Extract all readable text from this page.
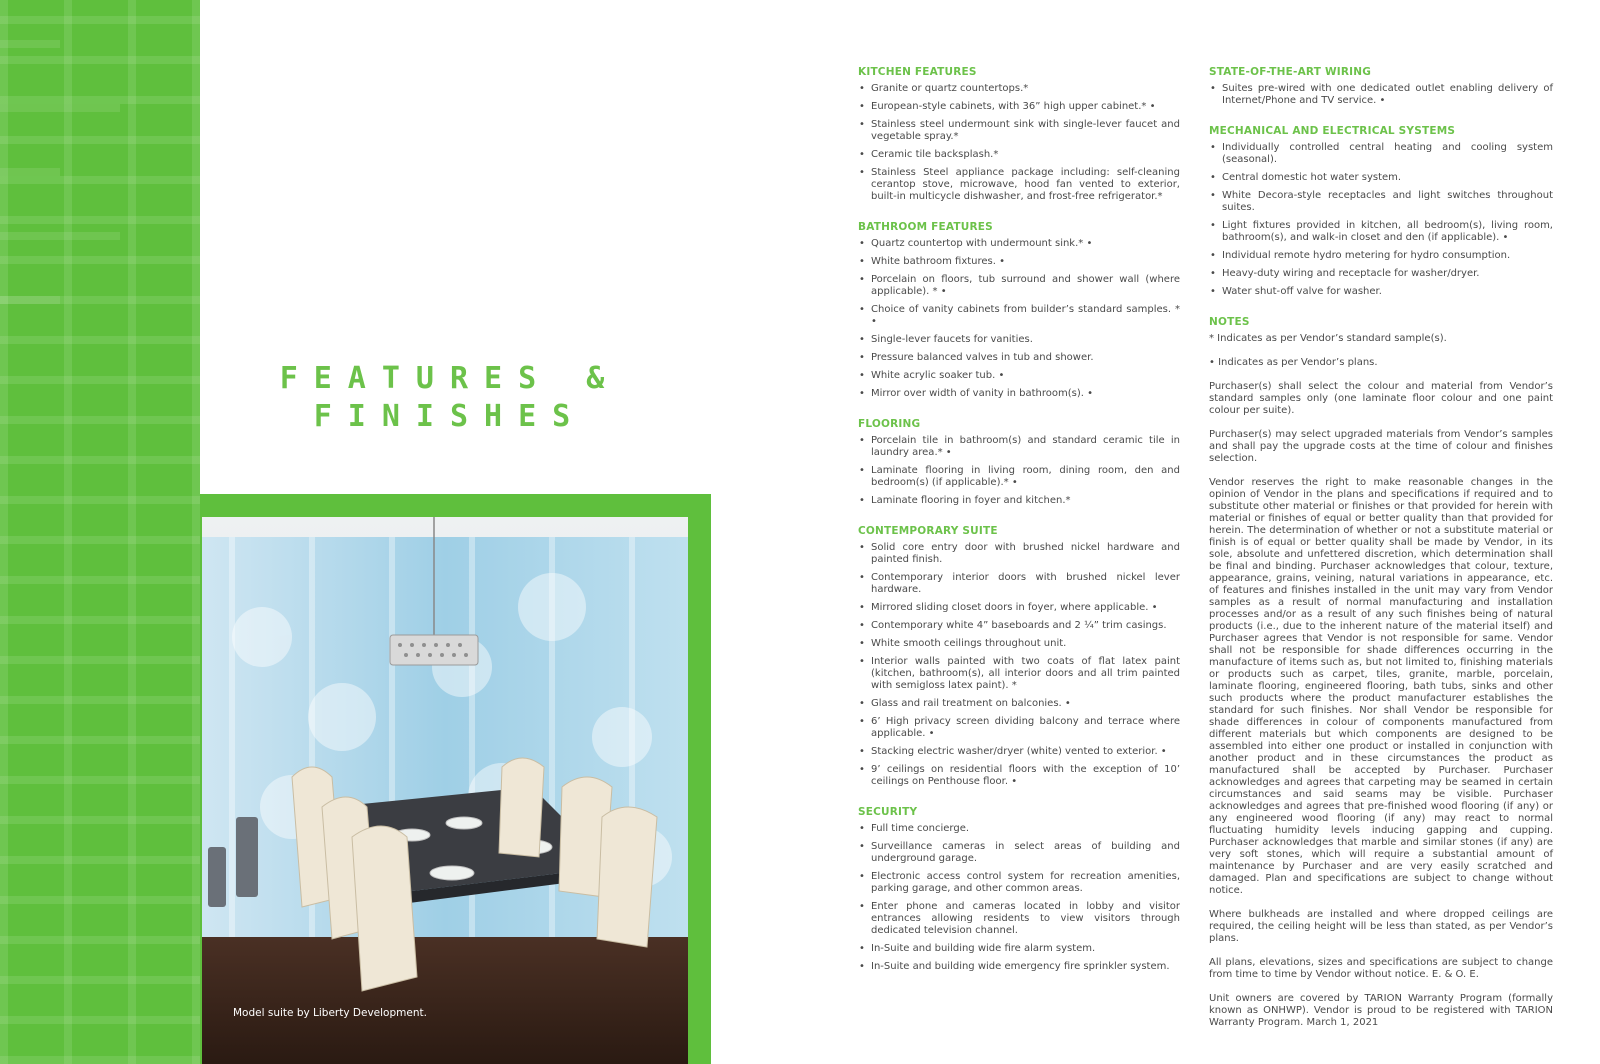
FEATURES &
FINISHES
Model suite by Liberty Development.
KITCHEN FEATURES
• Granite or quartz countertops.*
• European-style cabinets, with 36” high upper cabinet.* •
• Stainless steel undermount sink with single-lever faucet and vegetable spray.*
• Ceramic tile backsplash.*
• Stainless Steel appliance package including: self-cleaning cerantop stove, microwave, hood fan vented to exterior, built-in multicycle dishwasher, and frost-free refrigerator.*
BATHROOM FEATURES
• Quartz countertop with undermount sink.* •
• White bathroom fixtures. •
• Porcelain on floors, tub surround and shower wall (where applicable). * •
• Choice of vanity cabinets from builder’s standard samples. * •
• Single-lever faucets for vanities.
• Pressure balanced valves in tub and shower.
• White acrylic soaker tub. •
• Mirror over width of vanity in bathroom(s). •
FLOORING
• Porcelain tile in bathroom(s) and standard ceramic tile in laundry area.* •
• Laminate flooring in living room, dining room, den and bedroom(s) (if applicable).* •
• Laminate flooring in foyer and kitchen.*
CONTEMPORARY SUITE
• Solid core entry door with brushed nickel hardware and painted finish.
• Contemporary interior doors with brushed nickel lever hardware.
• Mirrored sliding closet doors in foyer, where applicable. •
• Contemporary white 4” baseboards and 2 ¼” trim casings.
• White smooth ceilings throughout unit.
• Interior walls painted with two coats of flat latex paint (kitchen, bathroom(s), all interior doors and all trim painted with semigloss latex paint). *
• Glass and rail treatment on balconies. •
• 6’ High privacy screen dividing balcony and terrace where applicable. •
• Stacking electric washer/dryer (white) vented to exterior. •
• 9’ ceilings on residential floors with the exception of 10’ ceilings on Penthouse floor. •
SECURITY
• Full time concierge.
• Surveillance cameras in select areas of building and underground garage.
• Electronic access control system for recreation amenities, parking garage, and other common areas.
• Enter phone and cameras located in lobby and visitor entrances allowing residents to view visitors through dedicated television channel.
• In-Suite and building wide fire alarm system.
• In-Suite and building wide emergency fire sprinkler system.
STATE-OF-THE-ART WIRING
• Suites pre-wired with one dedicated outlet enabling delivery of Internet/Phone and TV service. •
MECHANICAL AND ELECTRICAL SYSTEMS
• Individually controlled central heating and cooling system (seasonal).
• Central domestic hot water system.
• White Decora-style receptacles and light switches throughout suites.
• Light fixtures provided in kitchen, all bedroom(s), living room, bathroom(s), and walk-in closet and den (if applicable). •
• Individual remote hydro metering for hydro consumption.
• Heavy-duty wiring and receptacle for washer/dryer.
• Water shut-off valve for washer.
NOTES

* Indicates as per Vendor’s standard sample(s).

• Indicates as per Vendor’s plans.

Purchaser(s) shall select the colour and material from Vendor’s standard samples only (one laminate floor colour and one paint colour per suite).

Purchaser(s) may select upgraded materials from Vendor’s samples and shall pay the upgrade costs at the time of colour and finishes selection.

Vendor reserves the right to make reasonable changes in the opinion of Vendor in the plans and specifications if required and to substitute other material or finishes or that provided for herein with material or finishes of equal or better quality than that provided for herein. The determination of whether or not a substitute material or finish is of equal or better quality shall be made by Vendor, in its sole, absolute and unfettered discretion, which determination shall be final and binding. Purchaser acknowledges that colour, texture, appearance, grains, veining, natural variations in appearance, etc. of features and finishes installed in the unit may vary from Vendor samples as a result of normal manufacturing and installation processes and/or as a result of any such finishes being of natural products (i.e., due to the inherent nature of the material itself) and Purchaser agrees that Vendor is not responsible for same. Vendor shall not be responsible for shade differences occurring in the manufacture of items such as, but not limited to, finishing materials or products such as carpet, tiles, granite, marble, porcelain, laminate flooring, engineered flooring, bath tubs, sinks and other such products where the product manufacturer establishes the standard for such finishes. Nor shall Vendor be responsible for shade differences in colour of components manufactured from different materials but which components are designed to be assembled into either one product or installed in conjunction with another product and in these circumstances the product as manufactured shall be accepted by Purchaser. Purchaser acknowledges and agrees that carpeting may be seamed in certain circumstances and said seams may be visible. Purchaser acknowledges and agrees that pre-finished wood flooring (if any) or any engineered wood flooring (if any) may react to normal fluctuating humidity levels inducing gapping and cupping. Purchaser acknowledges that marble and similar stones (if any) are very soft stones, which will require a substantial amount of maintenance by Purchaser and are very easily scratched and damaged. Plan and specifications are subject to change without notice.

Where bulkheads are installed and where dropped ceilings are required, the ceiling height will be less than stated, as per Vendor’s plans.

All plans, elevations, sizes and specifications are subject to change from time to time by Vendor without notice. E. & O. E.

Unit owners are covered by TARION Warranty Program (formally known as ONHWP). Vendor is proud to be registered with TARION Warranty Program. March 1, 2021
